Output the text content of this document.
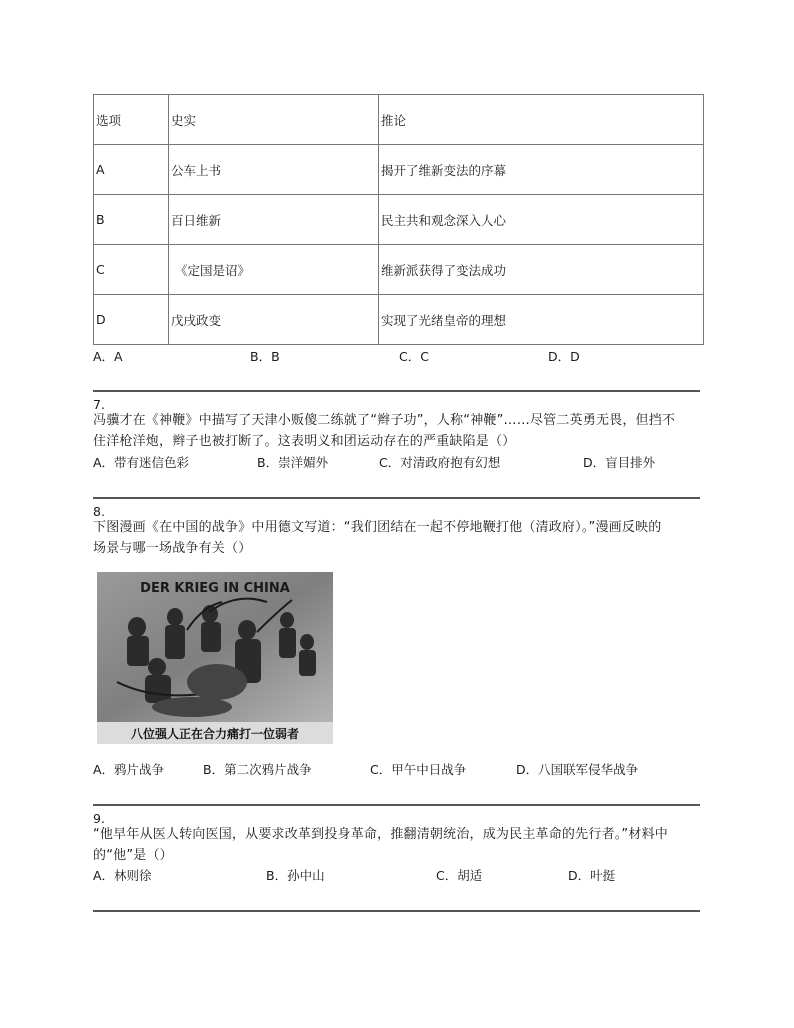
选项	史实	推论
A	公车上书	揭开了维新变法的序幕
B	百日维新	民主共和观念深入人心
C	《定国是诏》	维新派获得了变法成功
D	戊戌政变	实现了光绪皇帝的理想
A．A	B．B	C．C	D．D
7.
冯骥才在《神鞭》中描写了天津小贩傻二练就了“辫子功”，人称“神鞭”……尽管二英勇无畏，但挡不
住洋枪洋炮，辫子也被打断了。这表明义和团运动存在的严重缺陷是（）
A．带有迷信色彩	B．崇洋媚外	C．对清政府抱有幻想	D．盲目排外
8.
下图漫画《在中国的战争》中用德文写道：“我们团结在一起不停地鞭打他（清政府）。”漫画反映的
场景与哪一场战争有关（）
DER KRIEG IN CHINA
八位强人正在合力痛打一位弱者
A．鸦片战争	B．第二次鸦片战争	C．甲午中日战争	D．八国联军侵华战争
9.
“他早年从医人转向医国，从要求改革到投身革命，推翻清朝统治，成为民主革命的先行者。”材料中
的“他”是（）
A．林则徐	B．孙中山	C．胡适	D．叶挺
